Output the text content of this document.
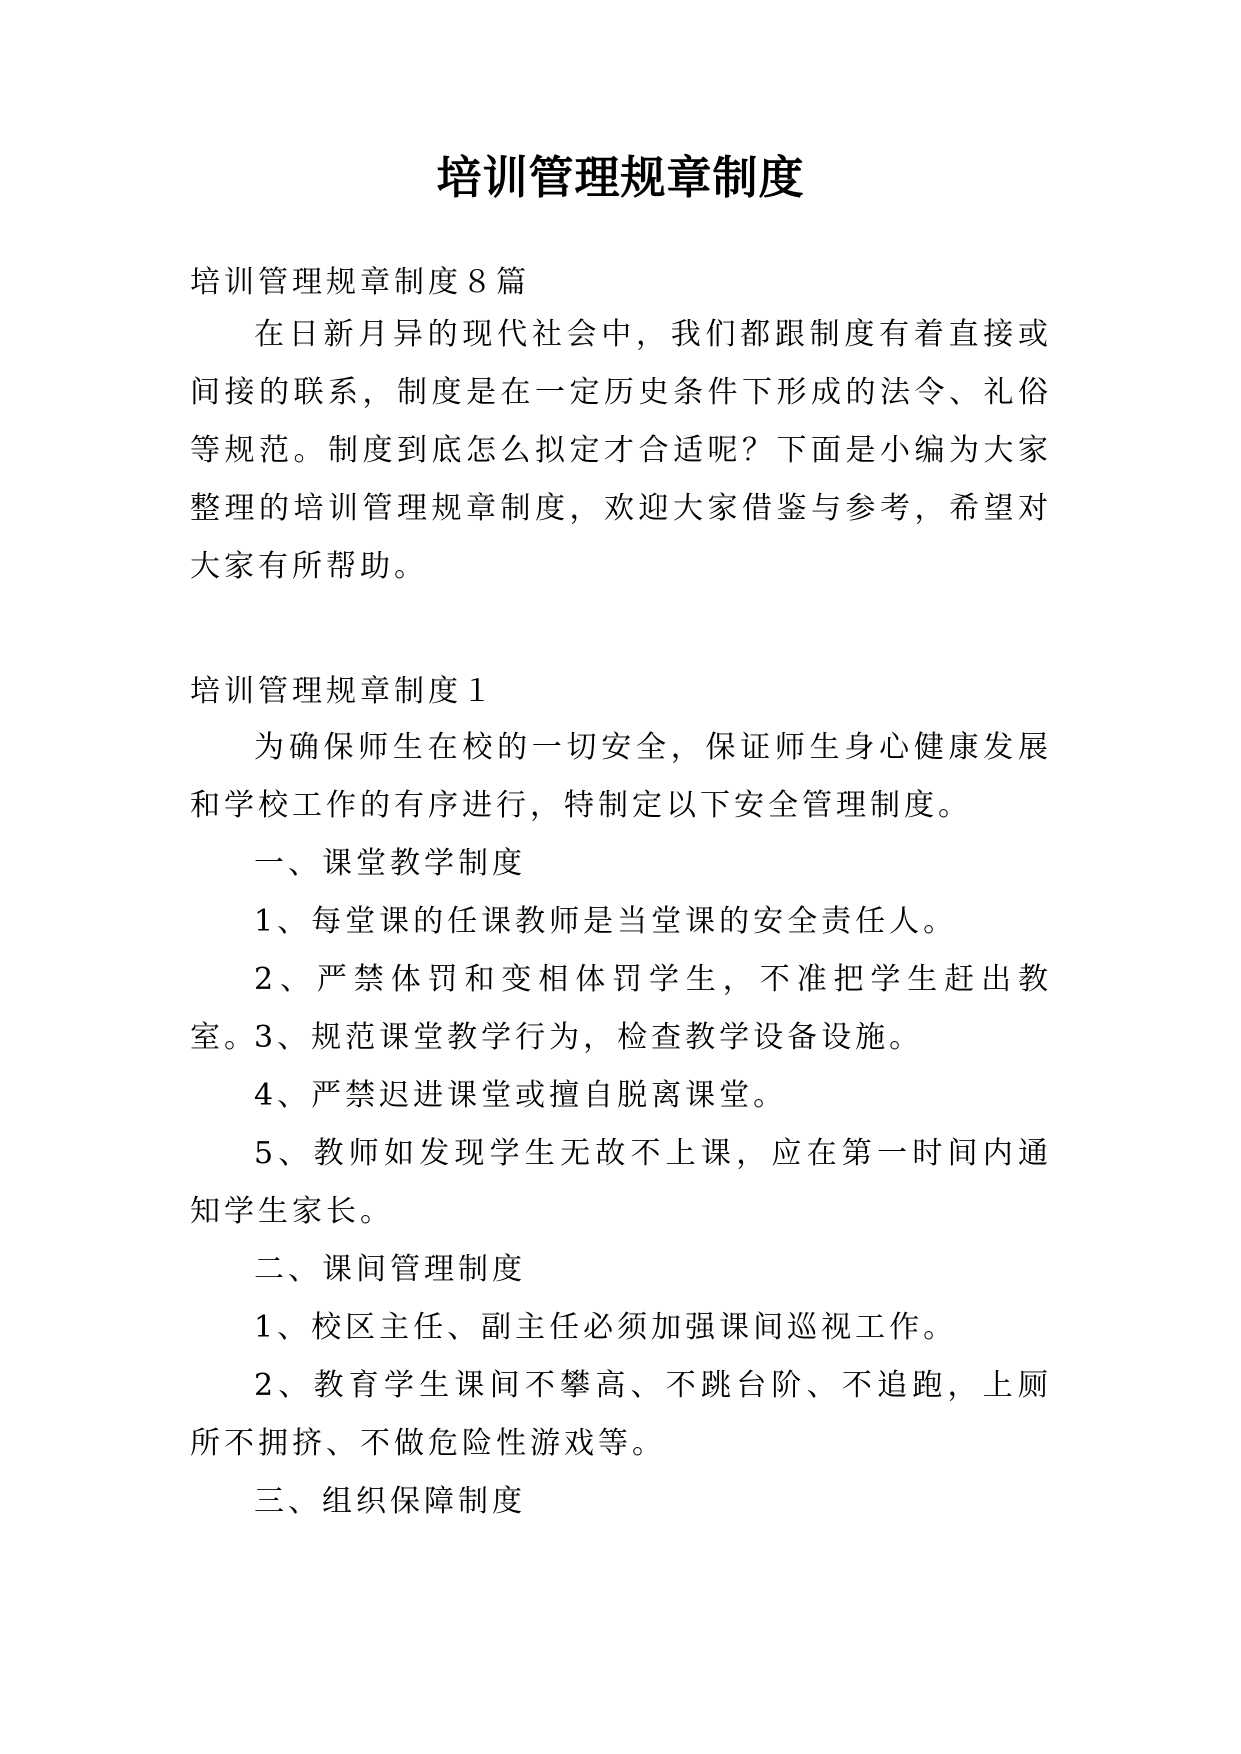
培训管理规章制度
培训管理规章制度８篇

在日新月异的现代社会中，我们都跟制度有着直接或间接的联系，制度是在一定历史条件下形成的法令、礼俗等规范。制度到底怎么拟定才合适呢？下面是小编为大家整理的培训管理规章制度，欢迎大家借鉴与参考，希望对大家有所帮助。

培训管理规章制度１

为确保师生在校的一切安全，保证师生身心健康发展和学校工作的有序进行，特制定以下安全管理制度。

一、课堂教学制度

1、每堂课的任课教师是当堂课的安全责任人。

2、严禁体罚和变相体罚学生，不准把学生赶出教室。

3、规范课堂教学行为，检查教学设备设施。

4、严禁迟进课堂或擅自脱离课堂。

5、教师如发现学生无故不上课，应在第一时间内通知学生家长。

二、课间管理制度

1、校区主任、副主任必须加强课间巡视工作。

2、教育学生课间不攀高、不跳台阶、不追跑，上厕所不拥挤、不做危险性游戏等。

三、组织保障制度
